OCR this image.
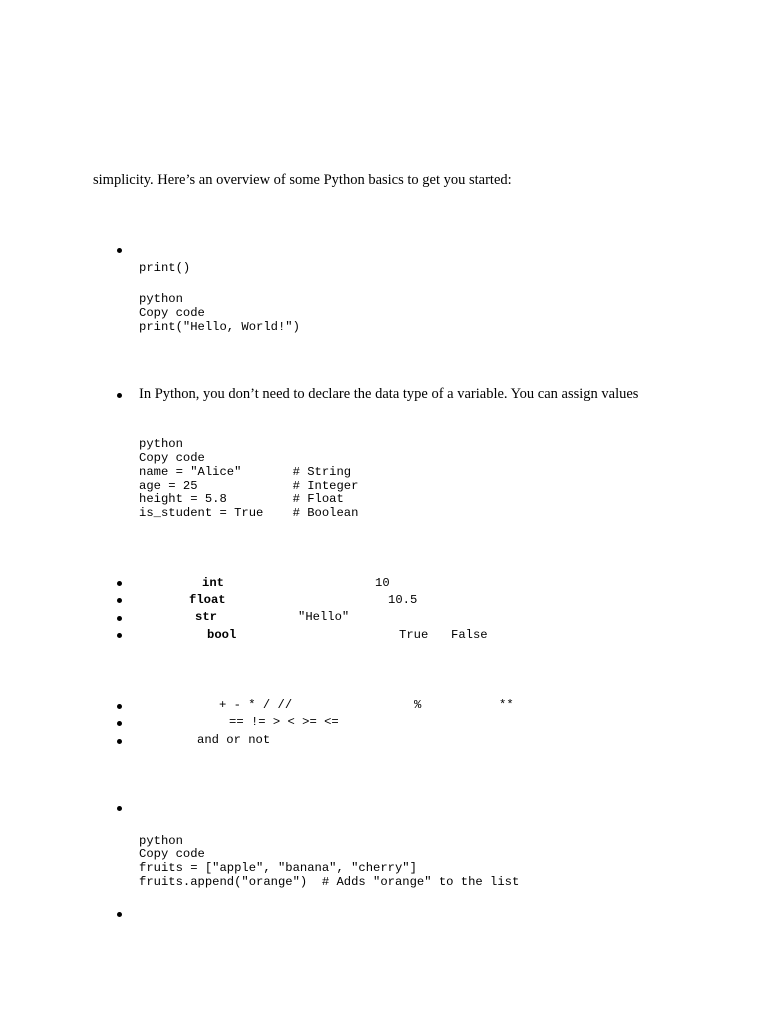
simplicity. Here’s an overview of some Python basics to get you started:
print()
python
Copy code
print("Hello, World!")
In Python, you don’t need to declare the data type of a variable. You can assign values
python
Copy code
name = "Alice"       # String
age = 25             # Integer
height = 5.8         # Float
is_student = True    # Boolean
int	10
float	10.5
str	"Hello"
bool	True False
+ - * / //	%	**
== != > < >= <=
and or not
python
Copy code
fruits = ["apple", "banana", "cherry"]
fruits.append("orange")  # Adds "orange" to the list
